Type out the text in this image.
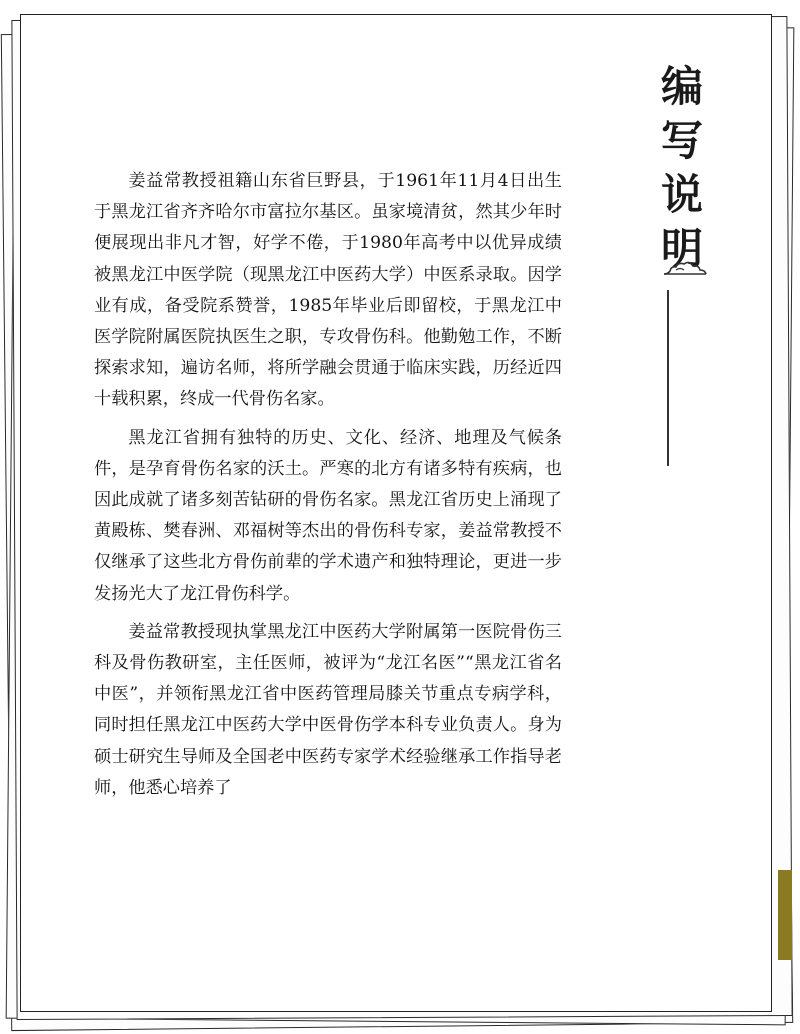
编
写
说
明

姜益常教授祖籍山东省巨野县，于1961年11月4日出生于黑龙江省齐齐哈尔市富拉尔基区。虽家境清贫，然其少年时便展现出非凡才智，好学不倦，于1980年高考中以优异成绩被黑龙江中医学院（现黑龙江中医药大学）中医系录取。因学业有成，备受院系赞誉，1985年毕业后即留校，于黑龙江中医学院附属医院执医生之职，专攻骨伤科。他勤勉工作，不断探索求知，遍访名师，将所学融会贯通于临床实践，历经近四十载积累，终成一代骨伤名家。

黑龙江省拥有独特的历史、文化、经济、地理及气候条件，是孕育骨伤名家的沃土。严寒的北方有诸多特有疾病，也因此成就了诸多刻苦钻研的骨伤名家。黑龙江省历史上涌现了黄殿栋、樊春洲、邓福树等杰出的骨伤科专家，姜益常教授不仅继承了这些北方骨伤前辈的学术遗产和独特理论，更进一步发扬光大了龙江骨伤科学。

姜益常教授现执掌黑龙江中医药大学附属第一医院骨伤三科及骨伤教研室，主任医师，被评为“龙江名医”“黑龙江省名中医”，并领衔黑龙江省中医药管理局膝关节重点专病学科，同时担任黑龙江中医药大学中医骨伤学本科专业负责人。身为硕士研究生导师及全国老中医药专家学术经验继承工作指导老师，他悉心培养了
